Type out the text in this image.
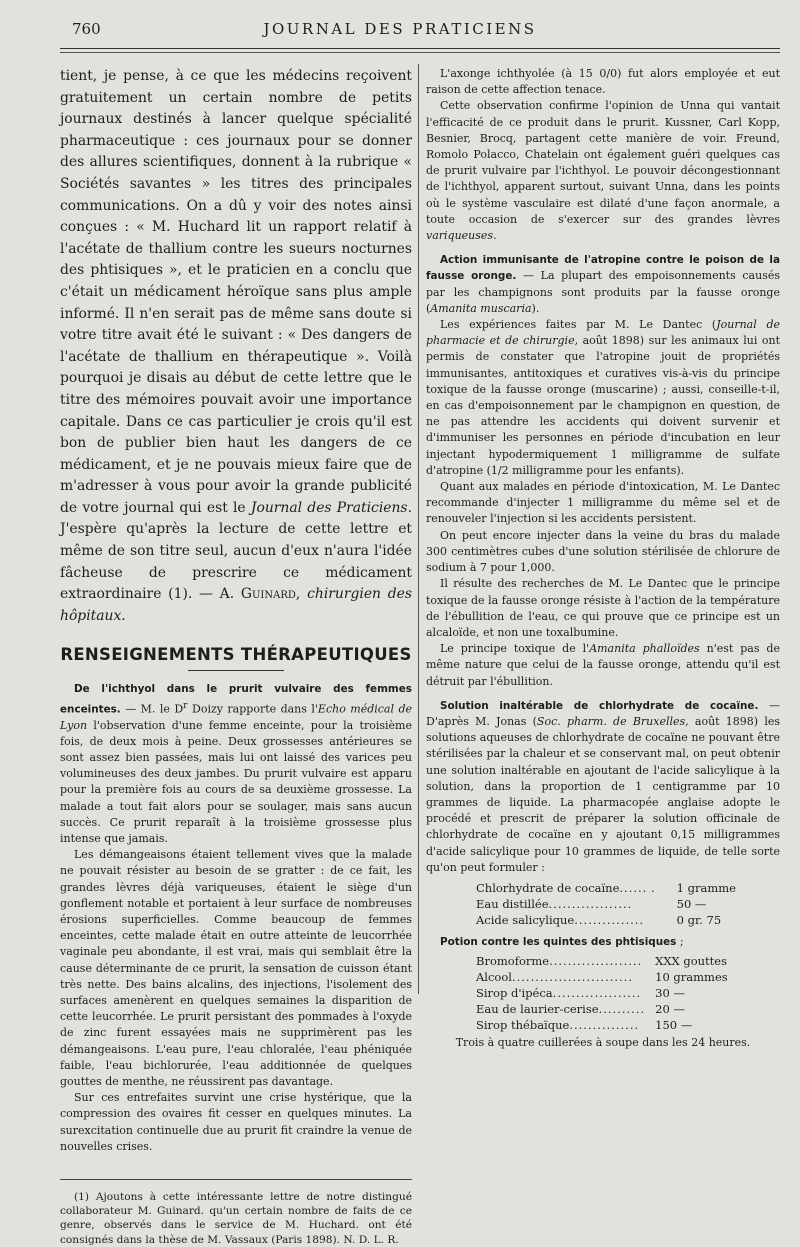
760	JOURNAL DES PRATICIENS

tient, je pense, à ce que les médecins reçoivent gratuitement un certain nombre de petits journaux destinés à lancer quelque spécialité pharmaceutique : ces journaux pour se donner des allures scientifiques, donnent à la rubrique « Sociétés savantes » les titres des principales communications. On a dû y voir des notes ainsi conçues : « M. Huchard lit un rapport relatif à l'acétate de thallium contre les sueurs nocturnes des phtisiques », et le praticien en a conclu que c'était un médicament héroïque sans plus ample informé. Il n'en serait pas de même sans doute si votre titre avait été le suivant : « Des dangers de l'acétate de thallium en thérapeutique ». Voilà pourquoi je disais au début de cette lettre que le titre des mémoires pouvait avoir une importance capitale. Dans ce cas particulier je crois qu'il est bon de publier bien haut les dangers de ce médicament, et je ne pouvais mieux faire que de m'adresser à vous pour avoir la grande publicité de votre journal qui est le Journal des Praticiens. J'espère qu'après la lecture de cette lettre et même de son titre seul, aucun d'eux n'aura l'idée fâcheuse de prescrire ce médicament extraordinaire (1). — A. Guinard, chirurgien des hôpitaux.

RENSEIGNEMENTS THÉRAPEUTIQUES

De l'ichthyol dans le prurit vulvaire des femmes enceintes. — M. le $D^r$ Doizy rapporte dans l'Echo médical de Lyon l'observation d'une femme enceinte, pour la troisième fois, de deux mois à peine. Deux grossesses antérieures se sont assez bien passées, mais lui ont laissé des varices peu volumineuses des deux jambes. Du prurit vulvaire est apparu pour la première fois au cours de sa deuxième grossesse. La malade a tout fait alors pour se soulager, mais sans aucun succès. Ce prurit reparaît à la troisième grossesse plus intense que jamais.

Les démangeaisons étaient tellement vives que la malade ne pouvait résister au besoin de se gratter : de ce fait, les grandes lèvres déjà variqueuses, étaient le siège d'un gonflement notable et portaient à leur surface de nombreuses érosions superficielles. Comme beaucoup de femmes enceintes, cette malade était en outre atteinte de leucorrhée vaginale peu abondante, il est vrai, mais qui semblait être la cause déterminante de ce prurit, la sensation de cuisson étant très nette. Des bains alcalins, des injections, l'isolement des surfaces amenèrent en quelques semaines la disparition de cette leucorrhée. Le prurit persistant des pommades à l'oxyde de zinc furent essayées mais ne supprimèrent pas les démangeaisons. L'eau pure, l'eau chloralée, l'eau phéniquée faible, l'eau bichlorurée, l'eau additionnée de quelques gouttes de menthe, ne réussirent pas davantage.

Sur ces entrefaites survint une crise hystérique, que la compression des ovaires fit cesser en quelques minutes. La surexcitation continuelle due au prurit fit craindre la venue de nouvelles crises.

(1) Ajoutons à cette intéressante lettre de notre distingué collaborateur M. Guinard. qu'un certain nombre de faits de ce genre, observés dans le service de M. Huchard. ont été consignés dans la thèse de M. Vassaux (Paris 1898). N. D. L. R.

L'axonge ichthyolée (à 15 0/0) fut alors employée et eut raison de cette affection tenace.

Cette observation confirme l'opinion de Unna qui vantait l'efficacité de ce produit dans le prurit. Kussner, Carl Kopp, Besnier, Brocq, partagent cette manière de voir. Freund, Romolo Polacco, Chatelain ont également guéri quelques cas de prurit vulvaire par l'ichthyol. Le pouvoir décongestionnant de l'ichthyol, apparent surtout, suivant Unna, dans les points où le système vasculaire est dilaté d'une façon anormale, a toute occasion de s'exercer sur des grandes lèvres variqueuses.

Action immunisante de l'atropine contre le poison de la fausse oronge. — La plupart des empoisonnements causés par les champignons sont produits par la fausse oronge (Amanita muscaria).

Les expériences faites par M. Le Dantec (Journal de pharmacie et de chirurgie, août 1898) sur les animaux lui ont permis de constater que l'atropine jouit de propriétés immunisantes, antitoxiques et curatives vis-à-vis du principe toxique de la fausse oronge (muscarine) ; aussi, conseille-t-il, en cas d'empoisonnement par le champignon en question, de ne pas attendre les accidents qui doivent survenir et d'immuniser les personnes en période d'incubation en leur injectant hypodermiquement 1 milligramme de sulfate d'atropine (1/2 milligramme pour les enfants).

Quant aux malades en période d'intoxication, M. Le Dantec recommande d'injecter 1 milligramme du même sel et de renouveler l'injection si les accidents persistent.

On peut encore injecter dans la veine du bras du malade 300 centimètres cubes d'une solution stérilisée de chlorure de sodium à 7 pour 1,000.

Il résulte des recherches de M. Le Dantec que le principe toxique de la fausse oronge résiste à l'action de la température de l'ébullition de l'eau, ce qui prouve que ce principe est un alcaloïde, et non une toxalbumine.

Le principe toxique de l'Amanita phalloïdes n'est pas de même nature que celui de la fausse oronge, attendu qu'il est détruit par l'ébullition.

Solution inaltérable de chlorhydrate de cocaïne. — D'après M. Jonas (Soc. pharm. de Bruxelles, août 1898) les solutions aqueuses de chlorhydrate de cocaïne ne pouvant être stérilisées par la chaleur et se conservant mal, on peut obtenir une solution inaltérable en ajoutant de l'acide salicylique à la solution, dans la proportion de 1 centigramme par 10 grammes de liquide. La pharmacopée anglaise adopte le procédé et prescrit de préparer la solution officinale de chlorhydrate de cocaïne en y ajoutant 0,15 milligrammes d'acide salicylique pour 10 grammes de liquide, de telle sorte qu'on peut formuler :

Chlorhydrate de cocaïne...... .	1 gramme
Eau distillée..................	50 —
Acide salicylique...............	0 gr. 75

Potion contre les quintes des phtisiques ;

Bromoforme....................	XXX gouttes
Alcool..........................	10 grammes
Sirop d'ipéca...................	30 —
Eau de laurier-cerise..........	20 —
Sirop thébaïque...............	150 —

Trois à quatre cuillerées à soupe dans les 24 heures.
